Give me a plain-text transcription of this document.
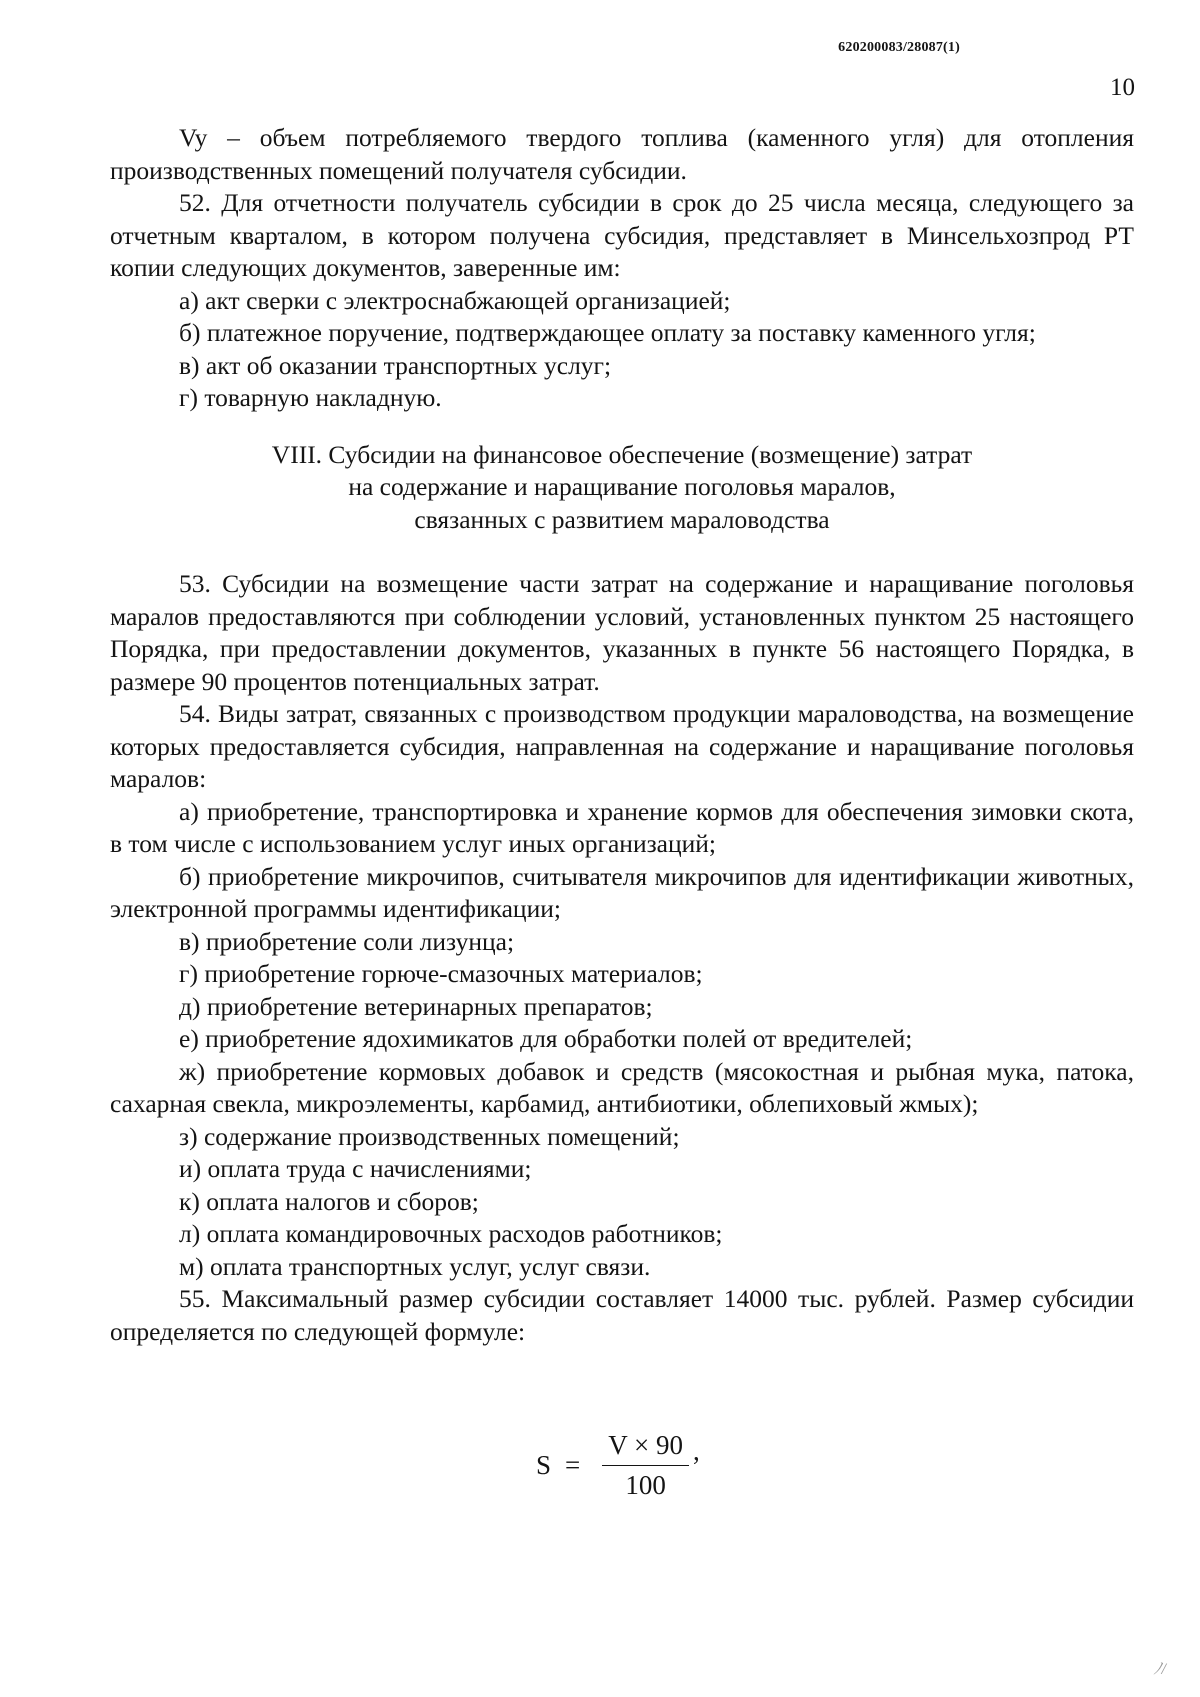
620200083/28087(1)
10

Vy – объем потребляемого твердого топлива (каменного угля) для отопления производственных помещений получателя субсидии.

52. Для отчетности получатель субсидии в срок до 25 числа месяца, следующего за отчетным кварталом, в котором получена субсидия, представляет в Минсельхозпрод РТ копии следующих документов, заверенные им:

а) акт сверки с электроснабжающей организацией;

б) платежное поручение, подтверждающее оплату за поставку каменного угля;

в) акт об оказании транспортных услуг;

г) товарную накладную.

VIII. Субсидии на финансовое обеспечение (возмещение) затрат
на содержание и наращивание поголовья маралов,
связанных с развитием мараловодства

53. Субсидии на возмещение части затрат на содержание и наращивание поголовья маралов предоставляются при соблюдении условий, установленных пунктом 25 настоящего Порядка, при предоставлении документов, указанных в пункте 56 настоящего Порядка, в размере 90 процентов потенциальных затрат.

54. Виды затрат, связанных с производством продукции мараловодства, на возмещение которых предоставляется субсидия, направленная на содержание и наращивание поголовья маралов:

а) приобретение, транспортировка и хранение кормов для обеспечения зимовки скота, в том числе с использованием услуг иных организаций;

б) приобретение микрочипов, считывателя микрочипов для идентификации животных, электронной программы идентификации;

в) приобретение соли лизунца;

г) приобретение горюче-смазочных материалов;

д) приобретение ветеринарных препаратов;

е) приобретение ядохимикатов для обработки полей от вредителей;

ж) приобретение кормовых добавок и средств (мясокостная и рыбная мука, патока, сахарная свекла, микроэлементы, карбамид, антибиотики, облепиховый жмых);

з) содержание производственных помещений;

и) оплата труда с начислениями;

к) оплата налогов и сборов;

л) оплата командировочных расходов работников;

м) оплата транспортных услуг, услуг связи.

55. Максимальный размер субсидии составляет 14000 тыс. рублей. Размер субсидии определяется по следующей формуле:

$S = \frac{V \times 90}{100}$ ,
ﾉ/
